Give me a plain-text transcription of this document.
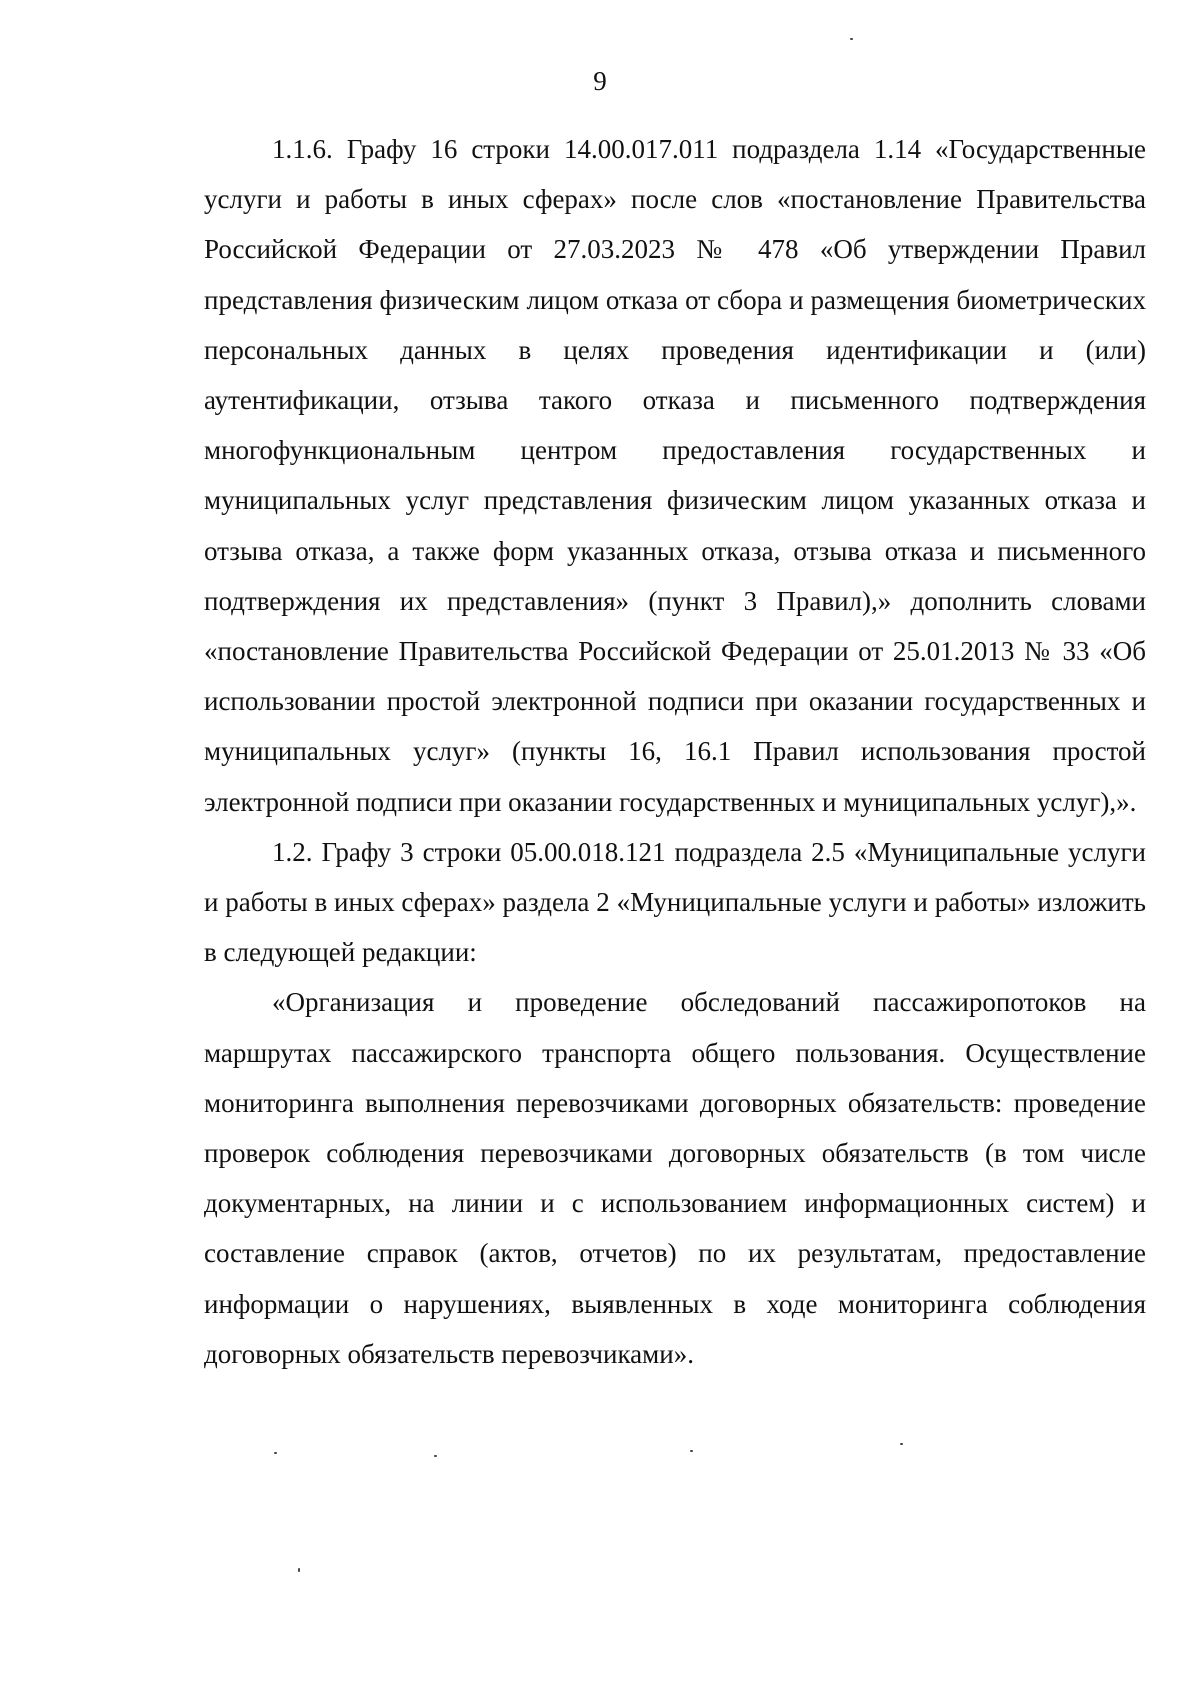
9

1.1.6. Графу 16 строки 14.00.017.011 подраздела 1.14 «Государственные услуги и работы в иных сферах» после слов «постановление Правительства Российской Федерации от 27.03.2023 № 478 «Об утверждении Правил представления физическим лицом отказа от сбора и размещения биометрических персональных данных в целях проведения идентификации и (или) аутентификации, отзыва такого отказа и письменного подтверждения многофункциональным центром предоставления государственных и муниципальных услуг представления физическим лицом указанных отказа и отзыва отказа, а также форм указанных отказа, отзыва отказа и письменного подтверждения их представления» (пункт 3 Правил),» дополнить словами «постановление Правительства Российской Федерации от 25.01.2013 № 33 «Об использовании простой электронной подписи при оказании государственных и муниципальных услуг» (пункты 16, 16.1 Правил использования простой электронной подписи при оказании государственных и муниципальных услуг),».

1.2. Графу 3 строки 05.00.018.121 подраздела 2.5 «Муниципальные услуги и работы в иных сферах» раздела 2 «Муниципальные услуги и работы» изложить в следующей редакции:

«Организация и проведение обследований пассажиропотоков на маршрутах пассажирского транспорта общего пользования. Осуществление мониторинга выполнения перевозчиками договорных обязательств: проведение проверок соблюдения перевозчиками договорных обязательств (в том числе документарных, на линии и с использованием информационных систем) и составление справок (актов, отчетов) по их результатам, предоставление информации о нарушениях, выявленных в ходе мониторинга соблюдения договорных обязательств перевозчиками».
